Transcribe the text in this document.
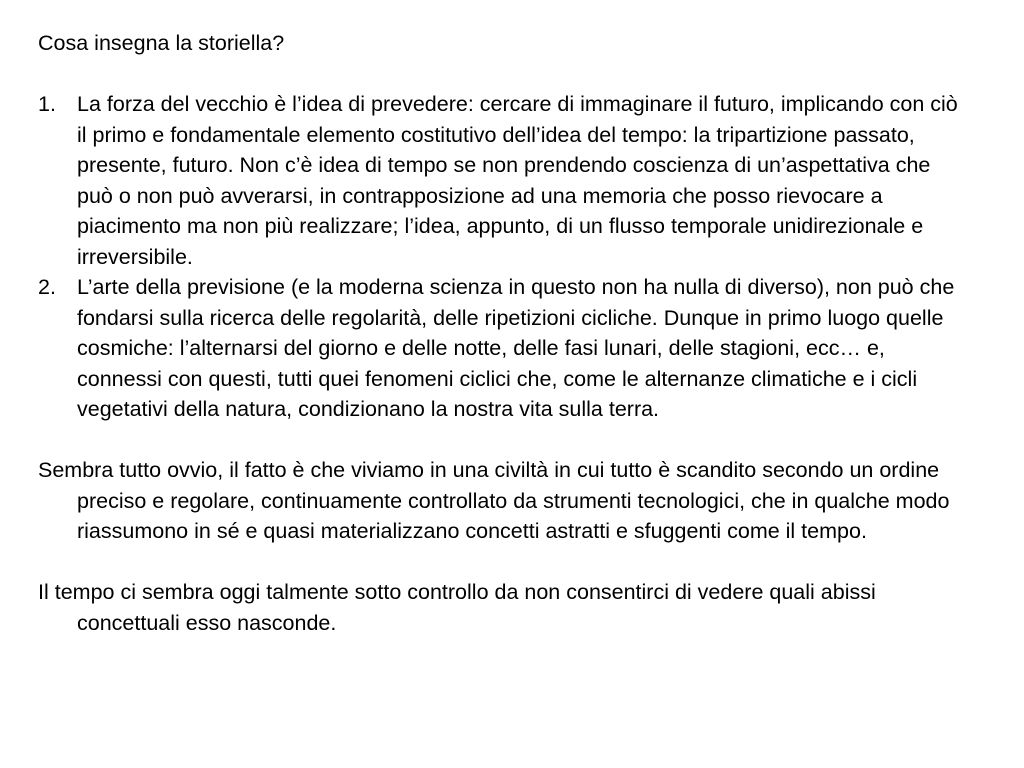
Cosa insegna la storiella?

1. La forza del vecchio è l’idea di prevedere: cercare di immaginare il futuro, implicando con ciò il primo e fondamentale elemento costitutivo dell’idea del tempo: la tripartizione passato, presente, futuro. Non c’è idea di tempo se non prendendo coscienza di un’aspettativa che può o non può avverarsi, in contrapposizione ad una memoria che posso rievocare a piacimento ma non più realizzare; l’idea, appunto, di un flusso temporale unidirezionale e irreversibile.
2. L’arte della previsione (e la moderna scienza in questo non ha nulla di diverso), non può che fondarsi sulla ricerca delle regolarità, delle ripetizioni cicliche. Dunque in primo luogo quelle cosmiche: l’alternarsi del giorno e delle notte, delle fasi lunari, delle stagioni, ecc… e, connessi con questi, tutti quei fenomeni ciclici che, come le alternanze climatiche e i cicli vegetativi della natura, condizionano la nostra vita sulla terra.

Sembra tutto ovvio, il fatto è che viviamo in una civiltà in cui tutto è scandito secondo un ordine preciso e regolare, continuamente controllato da strumenti tecnologici, che in qualche modo riassumono in sé e quasi materializzano concetti astratti e sfuggenti come il tempo.

Il tempo ci sembra oggi talmente sotto controllo da non consentirci di vedere quali abissi concettuali esso nasconde.
